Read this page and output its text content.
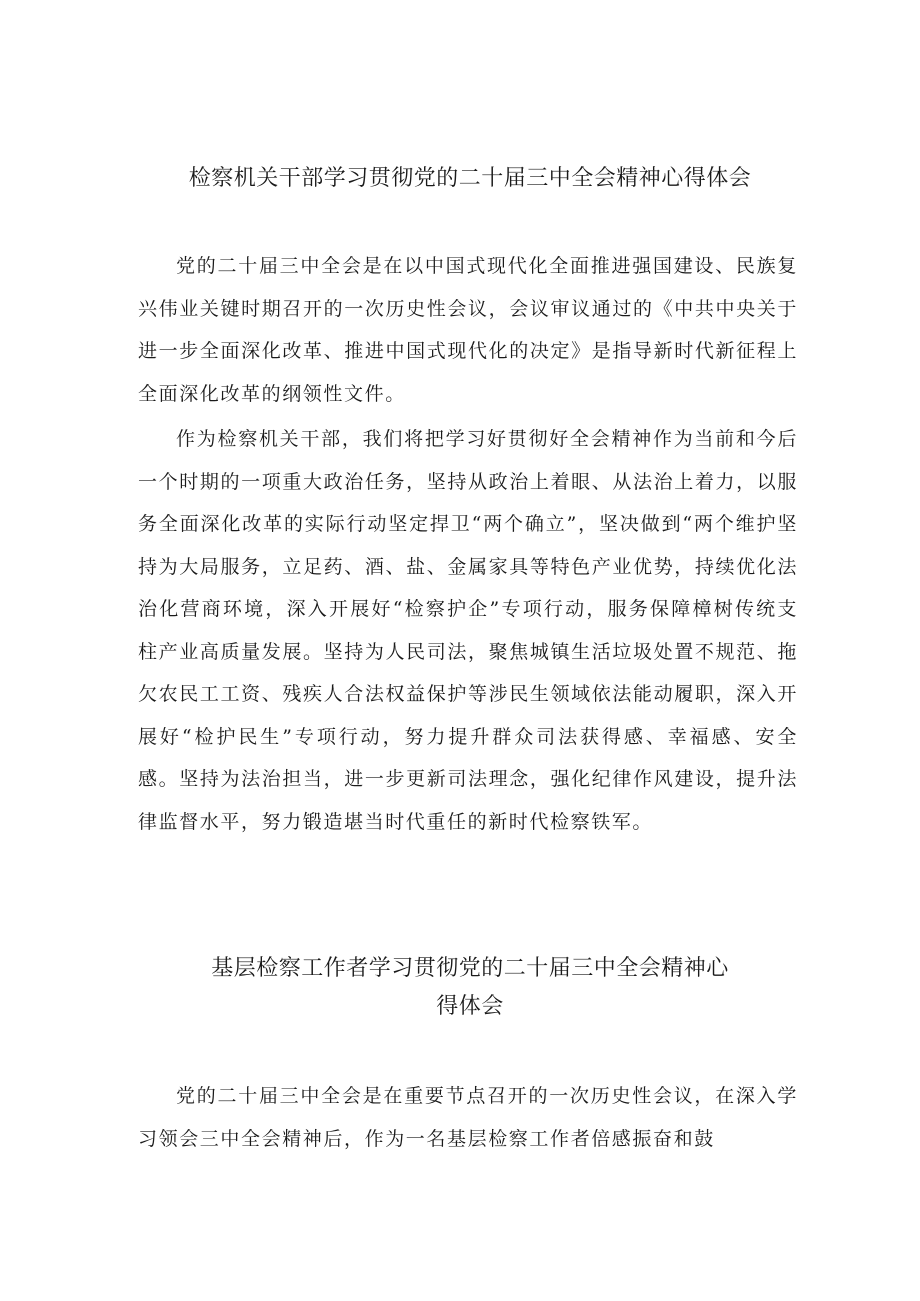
检察机关干部学习贯彻党的二十届三中全会精神心得体会

党的二十届三中全会是在以中国式现代化全面推进强国建设、民族复兴伟业关键时期召开的一次历史性会议，会议审议通过的《中共中央关于进一步全面深化改革、推进中国式现代化的决定》是指导新时代新征程上全面深化改革的纲领性文件。

作为检察机关干部，我们将把学习好贯彻好全会精神作为当前和今后一个时期的一项重大政治任务，坚持从政治上着眼、从法治上着力，以服务全面深化改革的实际行动坚定捍卫“两个确立”，坚决做到“两个维护坚持为大局服务，立足药、酒、盐、金属家具等特色产业优势，持续优化法治化营商环境，深入开展好“检察护企”专项行动，服务保障樟树传统支柱产业高质量发展。坚持为人民司法，聚焦城镇生活垃圾处置不规范、拖欠农民工工资、残疾人合法权益保护等涉民生领域依法能动履职，深入开展好“检护民生”专项行动，努力提升群众司法获得感、幸福感、安全感。坚持为法治担当，进一步更新司法理念，强化纪律作风建设，提升法律监督水平，努力锻造堪当时代重任的新时代检察铁军。

基层检察工作者学习贯彻党的二十届三中全会精神心
得体会

党的二十届三中全会是在重要节点召开的一次历史性会议，在深入学习领会三中全会精神后，作为一名基层检察工作者倍感振奋和鼓
